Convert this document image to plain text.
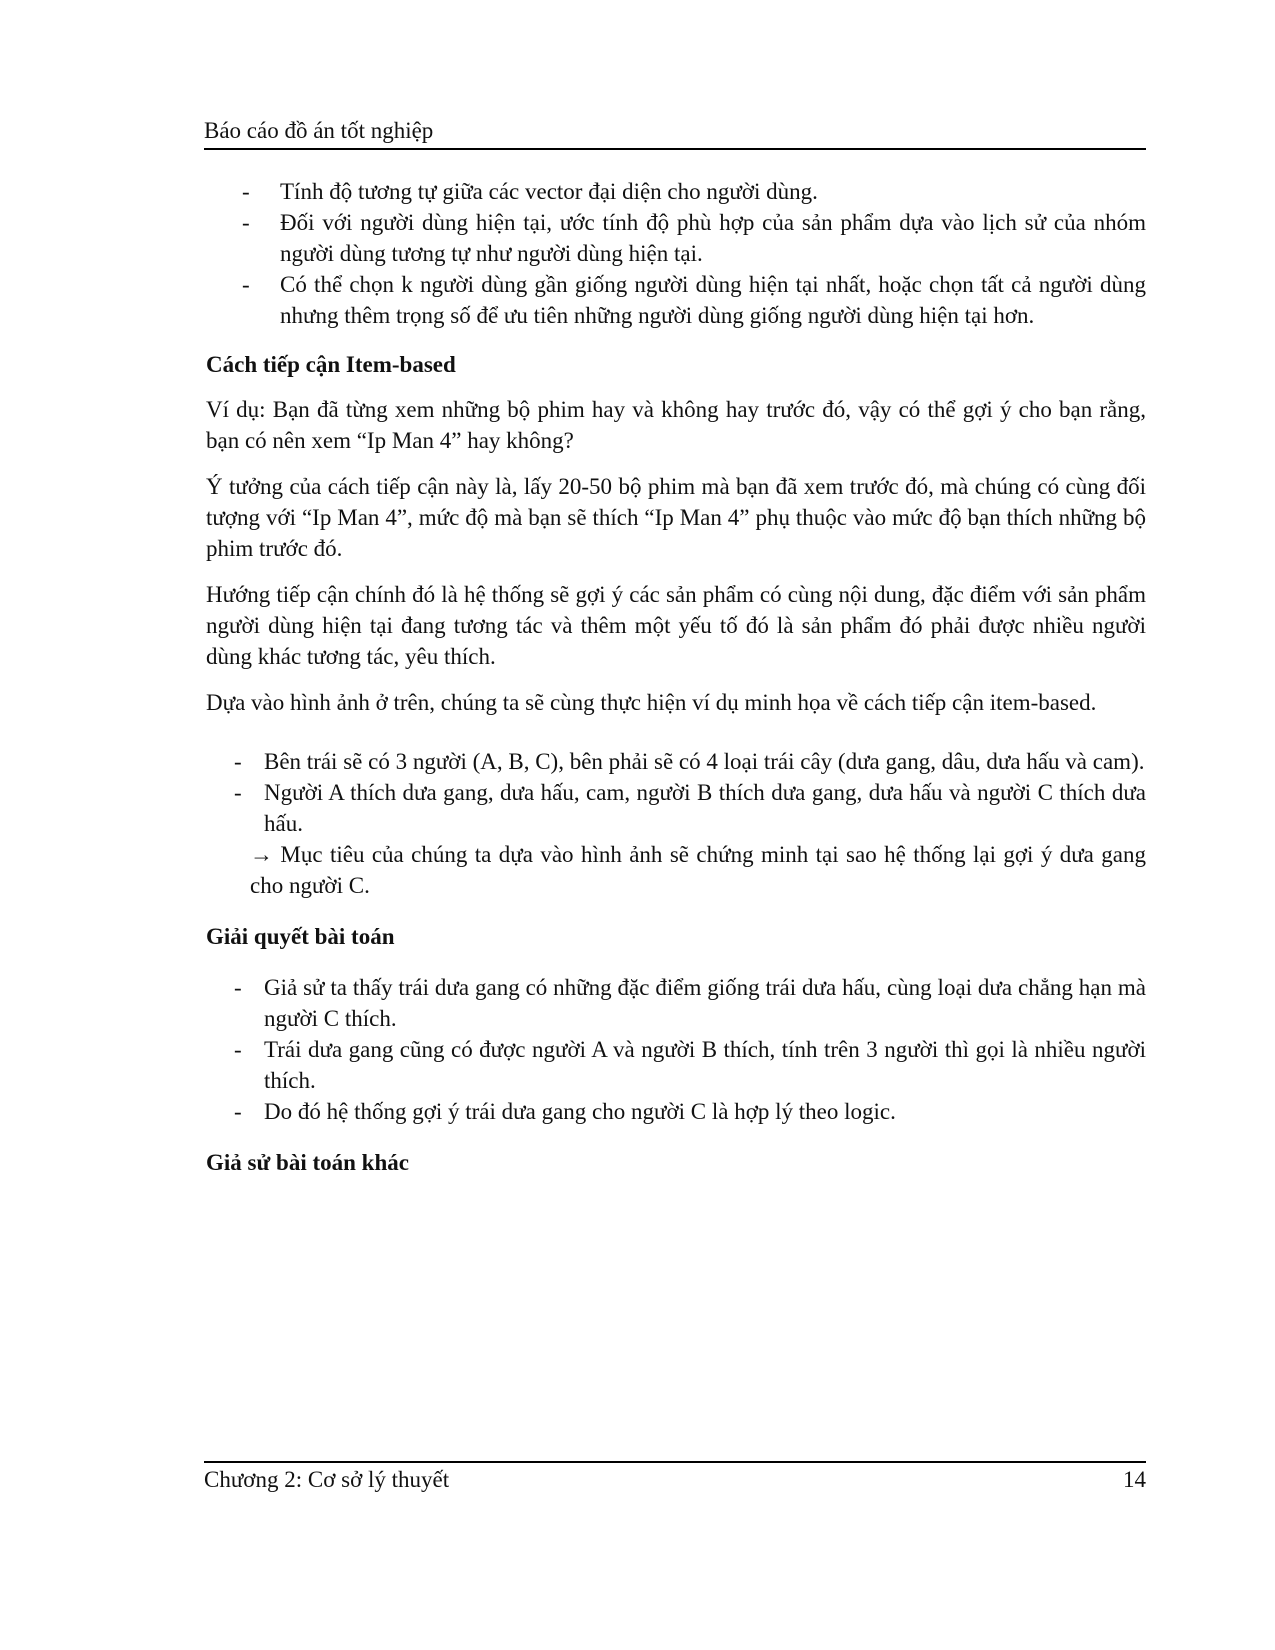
Báo cáo đồ án tốt nghiệp
- Tính độ tương tự giữa các vector đại diện cho người dùng.
- Đối với người dùng hiện tại, ước tính độ phù hợp của sản phẩm dựa vào lịch sử của nhóm người dùng tương tự như người dùng hiện tại.
- Có thể chọn k người dùng gần giống người dùng hiện tại nhất, hoặc chọn tất cả người dùng nhưng thêm trọng số để ưu tiên những người dùng giống người dùng hiện tại hơn.
Cách tiếp cận Item-based

Ví dụ: Bạn đã từng xem những bộ phim hay và không hay trước đó, vậy có thể gợi ý cho bạn rằng, bạn có nên xem “Ip Man 4” hay không?

Ý tưởng của cách tiếp cận này là, lấy 20-50 bộ phim mà bạn đã xem trước đó, mà chúng có cùng đối tượng với “Ip Man 4”, mức độ mà bạn sẽ thích “Ip Man 4” phụ thuộc vào mức độ bạn thích những bộ phim trước đó.

Hướng tiếp cận chính đó là hệ thống sẽ gợi ý các sản phẩm có cùng nội dung, đặc điểm với sản phẩm người dùng hiện tại đang tương tác và thêm một yếu tố đó là sản phẩm đó phải được nhiều người dùng khác tương tác, yêu thích.

Dựa vào hình ảnh ở trên, chúng ta sẽ cùng thực hiện ví dụ minh họa về cách tiếp cận item-based.

- Bên trái sẽ có 3 người (A, B, C), bên phải sẽ có 4 loại trái cây (dưa gang, dâu, dưa hấu và cam).
- Người A thích dưa gang, dưa hấu, cam, người B thích dưa gang, dưa hấu và người C thích dưa hấu.

→ Mục tiêu của chúng ta dựa vào hình ảnh sẽ chứng minh tại sao hệ thống lại gợi ý dưa gang cho người C.

Giải quyết bài toán
- Giả sử ta thấy trái dưa gang có những đặc điểm giống trái dưa hấu, cùng loại dưa chẳng hạn mà người C thích.
- Trái dưa gang cũng có được người A và người B thích, tính trên 3 người thì gọi là nhiều người thích.
- Do đó hệ thống gợi ý trái dưa gang cho người C là hợp lý theo logic.
Giả sử bài toán khác
Chương 2: Cơ sở lý thuyết	14
